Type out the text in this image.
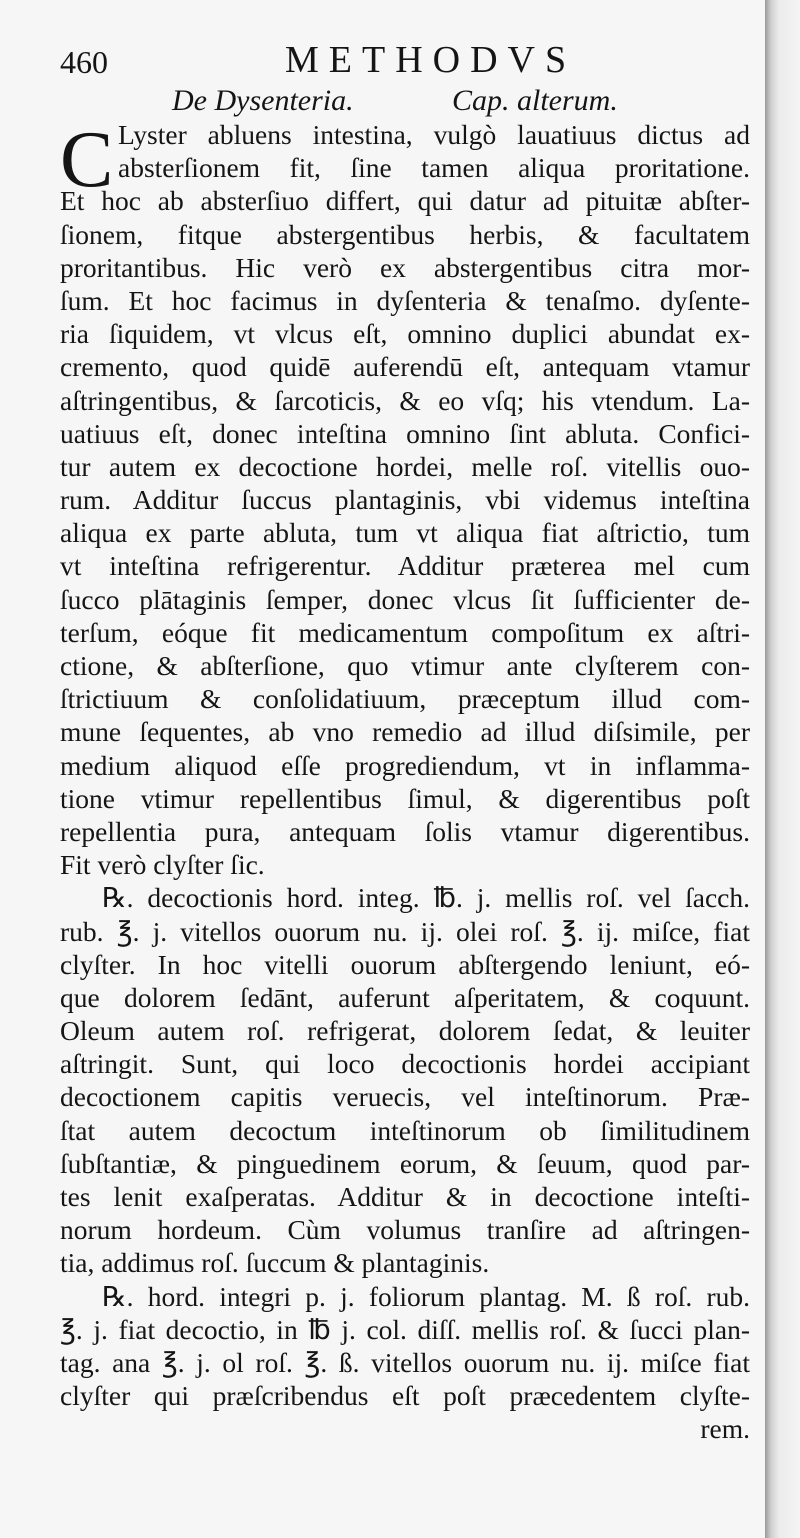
460	METHODVS
De Dysenteria.	Cap. alterum.
C Lyster abluens intestina, vulgò lauatiuus dictus ad
absterſionem fit, ſine tamen aliqua proritatione.
Et hoc ab absterſiuo differt, qui datur ad pituitæ abſter-
ſionem, fitque abstergentibus herbis, & facultatem
proritantibus. Hic verò ex abstergentibus citra mor-
ſum. Et hoc facimus in dyſenteria & tenaſmo. dyſente-
ria ſiquidem, vt vlcus eſt, omnino duplici abundat ex-
cremento, quod quidē auferendū eſt, antequam vtamur
aſtringentibus, & ſarcoticis, & eo vſq; his vtendum. La-
uatiuus eſt, donec inteſtina omnino ſint abluta. Confici-
tur autem ex decoctione hordei, melle roſ. vitellis ouo-
rum. Additur ſuccus plantaginis, vbi videmus inteſtina
aliqua ex parte abluta, tum vt aliqua fiat aſtrictio, tum
vt inteſtina refrigerentur. Additur præterea mel cum
ſucco plātaginis ſemper, donec vlcus ſit ſufficienter de-
terſum, eóque fit medicamentum compoſitum ex aſtri-
ctione, & abſterſione, quo vtimur ante clyſterem con-
ſtrictiuum & conſolidatiuum, præceptum illud com-
mune ſequentes, ab vno remedio ad illud diſsimile, per
medium aliquod eſſe progrediendum, vt in inflamma-
tione vtimur repellentibus ſimul, & digerentibus poſt
repellentia pura, antequam ſolis vtamur digerentibus.
Fit verò clyſter ſic.
℞. decoctionis hord. integ. ℔. j. mellis roſ. vel ſacch.
rub. ℥. j. vitellos ouorum nu. ij. olei roſ. ℥. ij. miſce, fiat
clyſter. In hoc vitelli ouorum abſtergendo leniunt, eó-
que dolorem ſedānt, auferunt aſperitatem, & coquunt.
Oleum autem roſ. refrigerat, dolorem ſedat, & leuiter
aſtringit. Sunt, qui loco decoctionis hordei accipiant
decoctionem capitis veruecis, vel inteſtinorum. Præ-
ſtat autem decoctum inteſtinorum ob ſimilitudinem
ſubſtantiæ, & pinguedinem eorum, & ſeuum, quod par-
tes lenit exaſperatas. Additur & in decoctione inteſti-
norum hordeum. Cùm volumus tranſire ad aſtringen-
tia, addimus roſ. ſuccum & plantaginis.
℞. hord. integri p. j. foliorum plantag. M. ß roſ. rub.
℥. j. fiat decoctio, in ℔ j. col. diſſ. mellis roſ. & ſucci plan-
tag. ana ℥. j. ol roſ. ℥. ß. vitellos ouorum nu. ij. miſce fiat
clyſter qui præſcribendus eſt poſt præcedentem clyſte-
rem.
